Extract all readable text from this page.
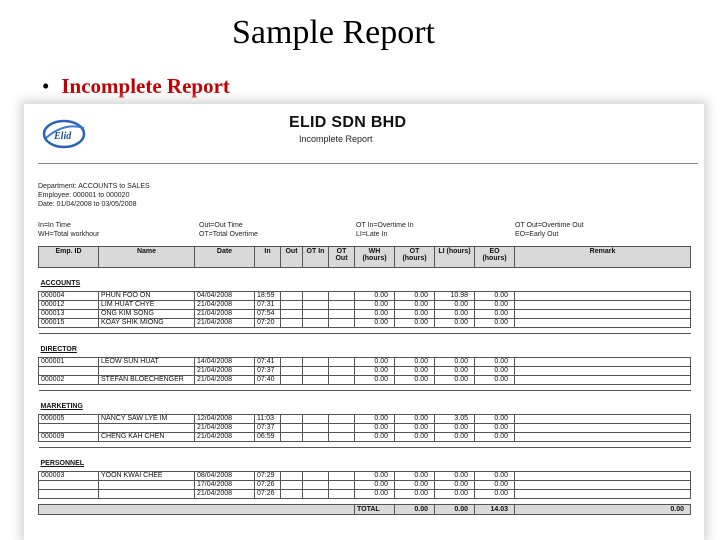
Sample Report
• Incomplete Report
Elid
ELID SDN BHD
Incomplete Report
Department: ACCOUNTS to SALES
Employee: 000001 to 000020
Date: 01/04/2008 to 03/05/2008
In=In Time
WH=Total workhour
Out=Out Time
OT=Total Overtime
OT In=Overtime In
LI=Late In
OT Out=Overtime Out
EO=Early Out
Emp. ID	Name	Date	In	Out	OT In	OT Out	WH (hours)	OT (hours)	LI (hours)	EO (hours)	Remark
ACCOUNTS											
000004	PHUN FOO ON	04/04/2008	18:59				0.00	0.00	10.98	0.00	
000012	LIM HUAT CHYE	21/04/2008	07:31				0.00	0.00	0.00	0.00	
000013	ONG KIM SONG	21/04/2008	07:54				0.00	0.00	0.00	0.00	
000015	KOAY SHIK MIONG	21/04/2008	07:20				0.00	0.00	0.00	0.00	

DIRECTOR											
000001	LEOW SUN HUAT	14/04/2008	07:41				0.00	0.00	0.00	0.00	
		21/04/2008	07:37				0.00	0.00	0.00	0.00	
000002	STEFAN BLOECHENGER	21/04/2008	07:40				0.00	0.00	0.00	0.00	

MARKETING											
000005	NANCY SAW LYE IM	12/04/2008	11:03				0.00	0.00	3.05	0.00	
		21/04/2008	07:37				0.00	0.00	0.00	0.00	
000009	CHENG KAH CHEN	21/04/2008	06:59				0.00	0.00	0.00	0.00	

PERSONNEL											
000003	YOON KWAI CHEE	08/04/2008	07:29				0.00	0.00	0.00	0.00	
		17/04/2008	07:26				0.00	0.00	0.00	0.00	
		21/04/2008	07:26				0.00	0.00	0.00	0.00	

							TOTAL	0.00	0.00	14.03	0.00
